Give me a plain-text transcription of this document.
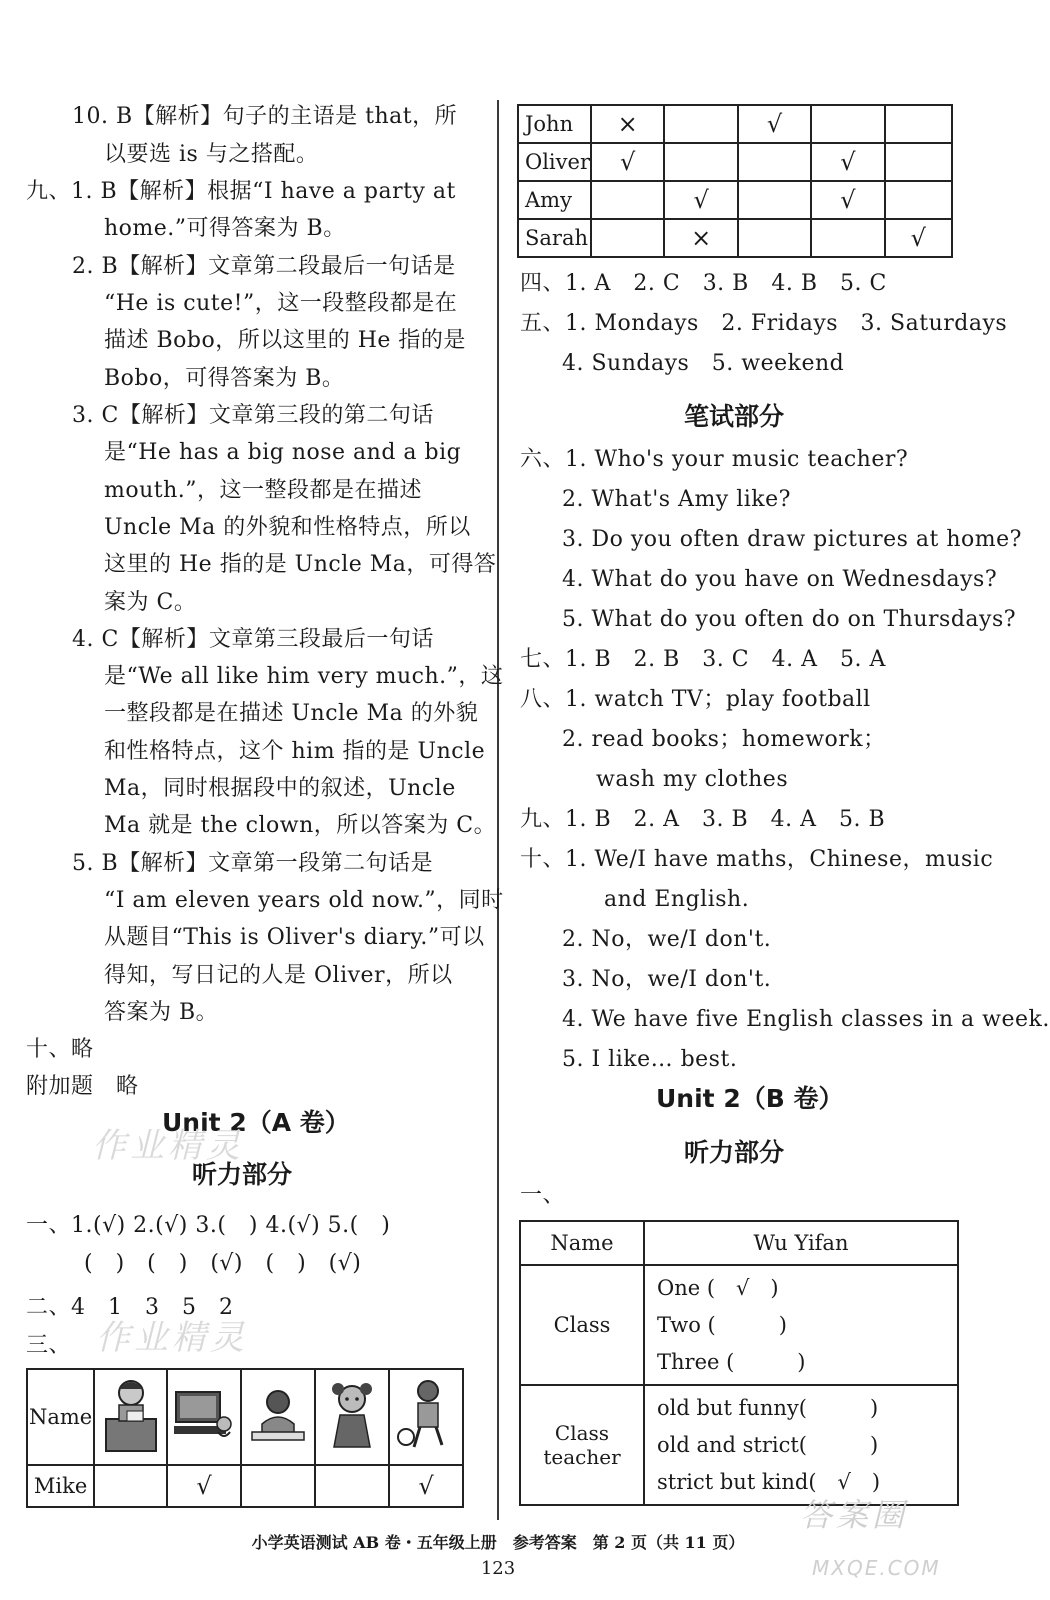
10. B【解析】句子的主语是 that，所
以要选 is 与之搭配。
九、1. B【解析】根据“I have a party at
home.”可得答案为 B。
2. B【解析】文章第二段最后一句话是
“He is cute!”，这一段整段都是在
描述 Bobo，所以这里的 He 指的是
Bobo，可得答案为 B。
3. C【解析】文章第三段的第二句话
是“He has a big nose and a big
mouth.”，这一整段都是在描述
Uncle Ma 的外貌和性格特点，所以
这里的 He 指的是 Uncle Ma，可得答
案为 C。
4. C【解析】文章第三段最后一句话
是“We all like him very much.”，这
一整段都是在描述 Uncle Ma 的外貌
和性格特点，这个 him 指的是 Uncle
Ma，同时根据段中的叙述，Uncle
Ma 就是 the clown，所以答案为 C。
5. B【解析】文章第一段第二句话是
“I am eleven years old now.”，同时
从题目“This is Oliver's diary.”可以
得知，写日记的人是 Oliver，所以
答案为 B。
十、略
附加题　略
Unit 2（A 卷）
听力部分
一、1.(√) 2.(√) 3.(　) 4.(√) 5.(　)
(　)　(　)　(√)　(　)　(√)
二、4　1　3　5　2
三、
Name					
Mike		√			√
John	×		√		
Oliver	√			√	
Amy		√		√	
Sarah		×			√
四、1. A　2. C　3. B　4. B　5. C
五、1. Mondays　2. Fridays　3. Saturdays
4. Sundays　5. weekend
笔试部分
六、1. Who's your music teacher?
2. What's Amy like?
3. Do you often draw pictures at home?
4. What do you have on Wednesdays?
5. What do you often do on Thursdays?
七、1. B　2. B　3. C　4. A　5. A
八、1. watch TV；play football
2. read books；homework；
wash my clothes
九、1. B　2. A　3. B　4. A　5. B
十、1. We/I have maths，Chinese，music
and English.
2. No，we/I don't.
3. No，we/I don't.
4. We have five English classes in a week.
5. I like… best.
Unit 2（B 卷）
听力部分
一、
Name	Wu Yifan
Class	One (　√　)
Two (　　　)
Three (　　　)

Class teacher	old but funny(　　　)
old and strict(　　　)
strict but kind(　√　)
作业精灵
作业精灵
答案圈
MXQE.COM
小学英语测试 AB 卷・五年级上册　参考答案　第 2 页（共 11 页）
123
